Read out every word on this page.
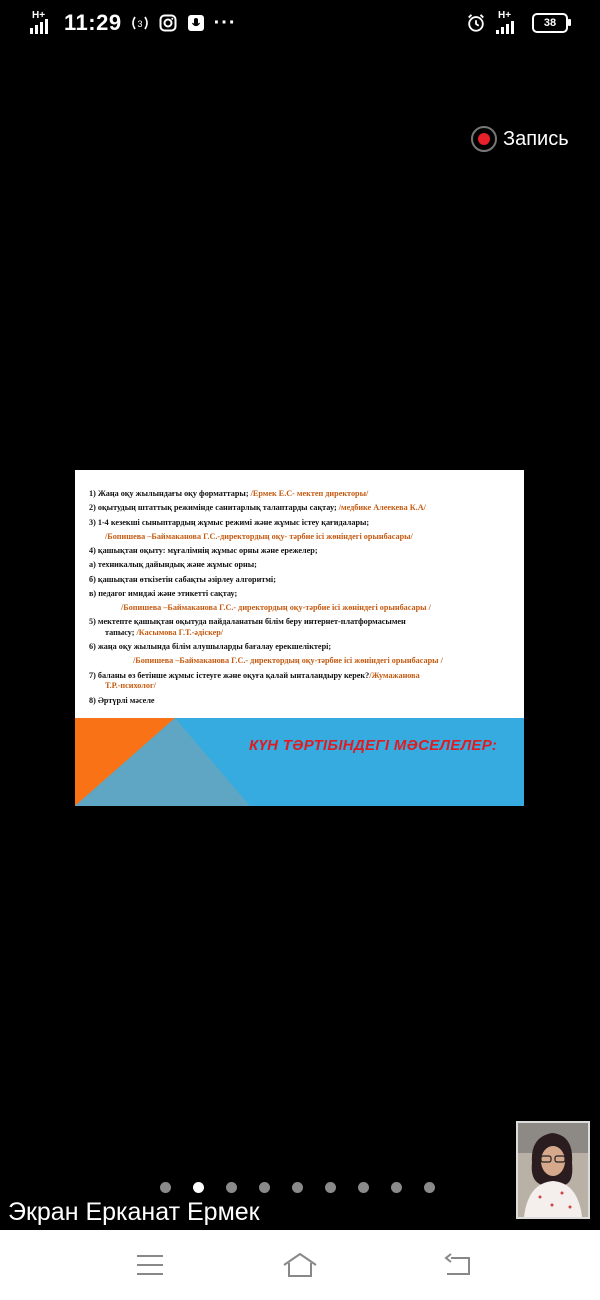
H+ 11:29 3	···	H+
38
Запись
1) Жаңа оқу жылындағы оқу форматтары; /Ермек Е.С- мектеп директоры/
2) оқытудың штаттық режимінде санитарлық талаптарды сақтау; /медбике Алеекева К.А/
3) 1-4 кезекші сыныптардың жұмыс режимі және жұмыс істеу қағидалары;
/Бопишева –Баймаканова Г.С.-директордың оқу- тәрбие ісі жөніндегі орынбасары/
4) қашықтан оқыту: мұғалімнің жұмыс орны және ережелер;
а) техникалық дайындық және жұмыс орны;
б) қашықтан өткізетін сабақты әзірлеу алгоритмі;
в) педагог имиджі және этикетті сақтау;
/Бопишева –Баймаканова Г.С.- директордың оқу-тәрбие ісі жөніндегі орынбасары /
5) мектепте қашықтан оқытуда пайдаланатын білім беру интернет-платформасымен
тапысу; /Касымова Г.Т.-әдіскер/
6) жаңа оқу жылында білім алушыларды бағалау ерекшеліктері;
/Бопишева –Баймаканова Г.С.- директордың оқу-тәрбие ісі жөніндегі орынбасары /
7) баланы өз бетінше жұмыс істеуге және оқуға қалай ынталандыру керек?/Жумажанова
Т.Р.-психолог/
8) Әртүрлі мәселе
КҮН ТӘРТІБІНДЕГІ МӘСЕЛЕЛЕР:
Экран Ерканат Ермек
